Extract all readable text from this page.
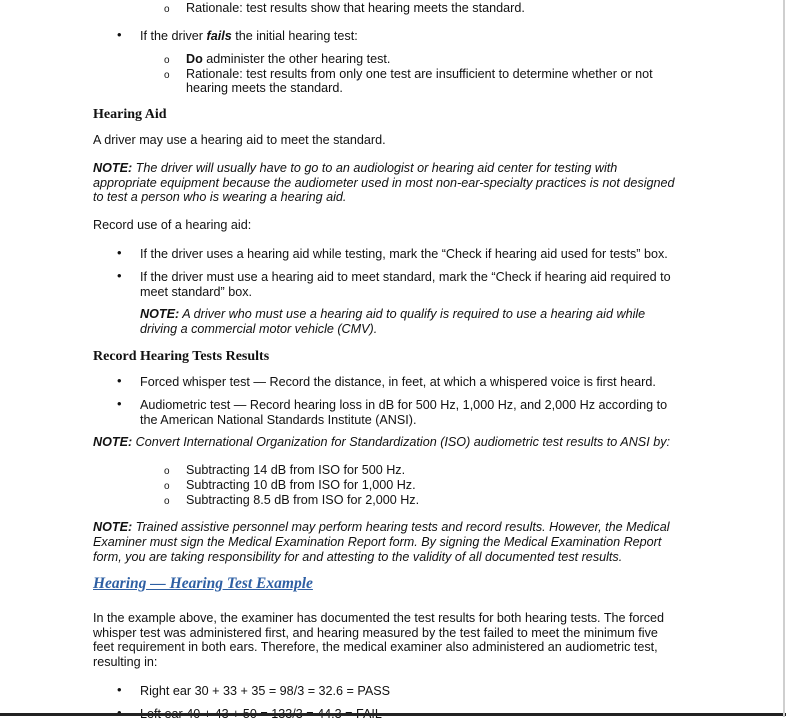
o Rationale: test results show that hearing meets the standard.
• If the driver fails the initial hearing test:
o Do administer the other hearing test.
o Rationale: test results from only one test are insufficient to determine whether or not
hearing meets the standard.
Hearing Aid
A driver may use a hearing aid to meet the standard.
NOTE: The driver will usually have to go to an audiologist or hearing aid center for testing with
appropriate equipment because the audiometer used in most non-ear-specialty practices is not designed
to test a person who is wearing a hearing aid.
Record use of a hearing aid:
• If the driver uses a hearing aid while testing, mark the “Check if hearing aid used for tests” box.
• If the driver must use a hearing aid to meet standard, mark the “Check if hearing aid required to
meet standard” box.
NOTE: A driver who must use a hearing aid to qualify is required to use a hearing aid while
driving a commercial motor vehicle (CMV).
Record Hearing Tests Results
• Forced whisper test — Record the distance, in feet, at which a whispered voice is first heard.
• Audiometric test — Record hearing loss in dB for 500 Hz, 1,000 Hz, and 2,000 Hz according to
the American National Standards Institute (ANSI).
NOTE: Convert International Organization for Standardization (ISO) audiometric test results to ANSI by:
o Subtracting 14 dB from ISO for 500 Hz.
o Subtracting 10 dB from ISO for 1,000 Hz.
o Subtracting 8.5 dB from ISO for 2,000 Hz.
NOTE: Trained assistive personnel may perform hearing tests and record results. However, the Medical
Examiner must sign the Medical Examination Report form. By signing the Medical Examination Report
form, you are taking responsibility for and attesting to the validity of all documented test results.
Hearing — Hearing Test Example
In the example above, the examiner has documented the test results for both hearing tests. The forced
whisper test was administered first, and hearing measured by the test failed to meet the minimum five
feet requirement in both ears. Therefore, the medical examiner also administered an audiometric test,
resulting in:
• Right ear 30 + 33 + 35 = 98/3 = 32.6 = PASS
